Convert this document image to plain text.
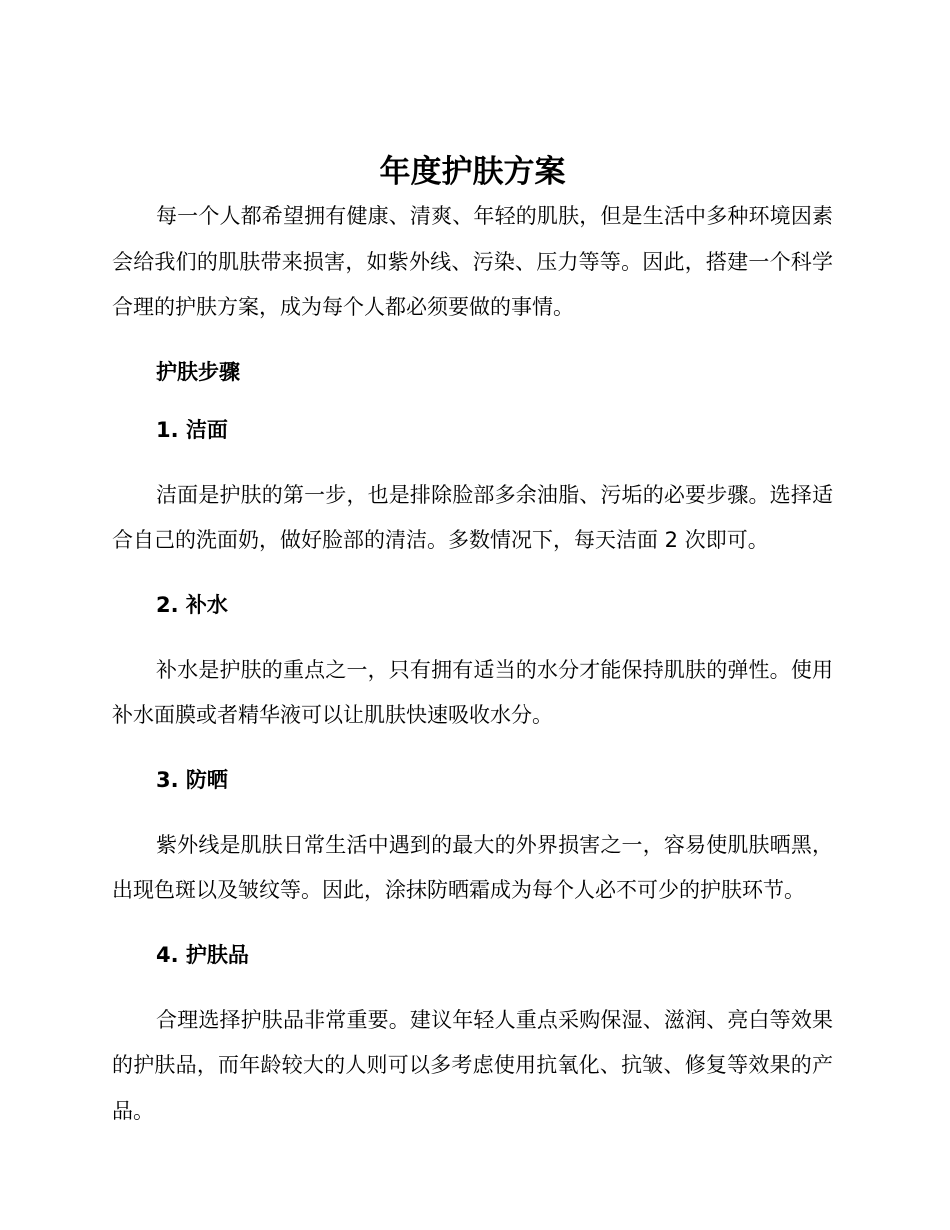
年度护肤方案

每一个人都希望拥有健康、清爽、年轻的肌肤，但是生活中多种环境因素会给我们的肌肤带来损害，如紫外线、污染、压力等等。因此，搭建一个科学合理的护肤方案，成为每个人都必须要做的事情。

护肤步骤
1. 洁面

洁面是护肤的第一步，也是排除脸部多余油脂、污垢的必要步骤。选择适合自己的洗面奶，做好脸部的清洁。多数情况下，每天洁面 2 次即可。

2. 补水

补水是护肤的重点之一，只有拥有适当的水分才能保持肌肤的弹性。使用补水面膜或者精华液可以让肌肤快速吸收水分。

3. 防晒

紫外线是肌肤日常生活中遇到的最大的外界损害之一，容易使肌肤晒黑，出现色斑以及皱纹等。因此，涂抹防晒霜成为每个人必不可少的护肤环节。

4. 护肤品

合理选择护肤品非常重要。建议年轻人重点采购保湿、滋润、亮白等效果的护肤品，而年龄较大的人则可以多考虑使用抗氧化、抗皱、修复等效果的产品。
